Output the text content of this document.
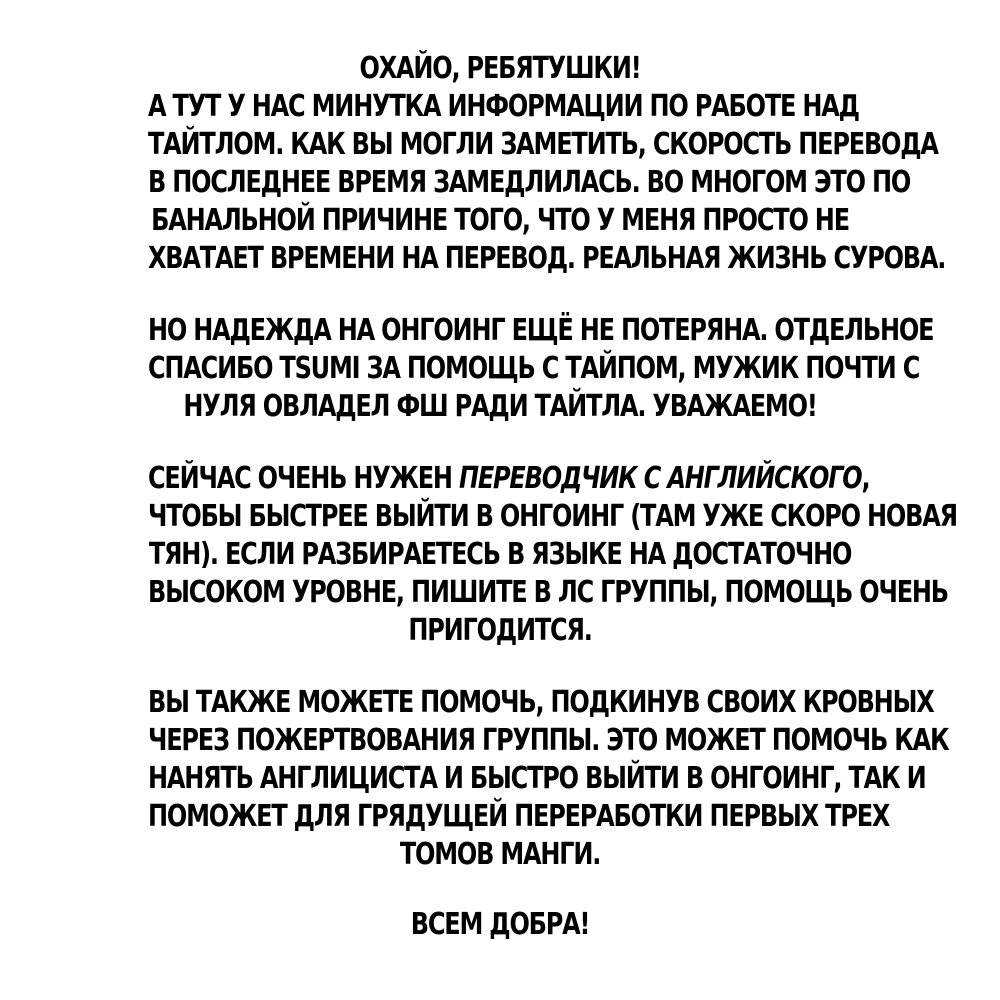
ОХАЙО, РЕБЯТУШКИ!
А ТУТ У НАС МИНУТКА ИНФОРМАЦИИ ПО РАБОТЕ НАД
ТАЙТЛОМ. КАК ВЫ МОГЛИ ЗАМЕТИТЬ, СКОРОСТЬ ПЕРЕВОДА
В ПОСЛЕДНЕЕ ВРЕМЯ ЗАМЕДЛИЛАСЬ. ВО МНОГОМ ЭТО ПО
БАНАЛЬНОЙ ПРИЧИНЕ ТОГО, ЧТО У МЕНЯ ПРОСТО НЕ
ХВАТАЕТ ВРЕМЕНИ НА ПЕРЕВОД. РЕАЛЬНАЯ ЖИЗНЬ СУРОВА.
НО НАДЕЖДА НА ОНГОИНГ ЕЩЁ НЕ ПОТЕРЯНА. ОТДЕЛЬНОЕ
СПАСИБО TSUMI ЗА ПОМОЩЬ С ТАЙПОМ, МУЖИК ПОЧТИ С
НУЛЯ ОВЛАДЕЛ ФШ РАДИ ТАЙТЛА. УВАЖАЕМО!
СЕЙЧАС ОЧЕНЬ НУЖЕН ПЕРЕВОДЧИК С АНГЛИЙСКОГО,
ЧТОБЫ БЫСТРЕЕ ВЫЙТИ В ОНГОИНГ (ТАМ УЖЕ СКОРО НОВАЯ
ТЯН). ЕСЛИ РАЗБИРАЕТЕСЬ В ЯЗЫКЕ НА ДОСТАТОЧНО
ВЫСОКОМ УРОВНЕ, ПИШИТЕ В ЛС ГРУППЫ, ПОМОЩЬ ОЧЕНЬ
ПРИГОДИТСЯ.
ВЫ ТАКЖЕ МОЖЕТЕ ПОМОЧЬ, ПОДКИНУВ СВОИХ КРОВНЫХ
ЧЕРЕЗ ПОЖЕРТВОВАНИЯ ГРУППЫ. ЭТО МОЖЕТ ПОМОЧЬ КАК
НАНЯТЬ АНГЛИЦИСТА И БЫСТРО ВЫЙТИ В ОНГОИНГ, ТАК И
ПОМОЖЕТ ДЛЯ ГРЯДУЩЕЙ ПЕРЕРАБОТКИ ПЕРВЫХ ТРЕХ
ТОМОВ МАНГИ.
ВСЕМ ДОБРА!
